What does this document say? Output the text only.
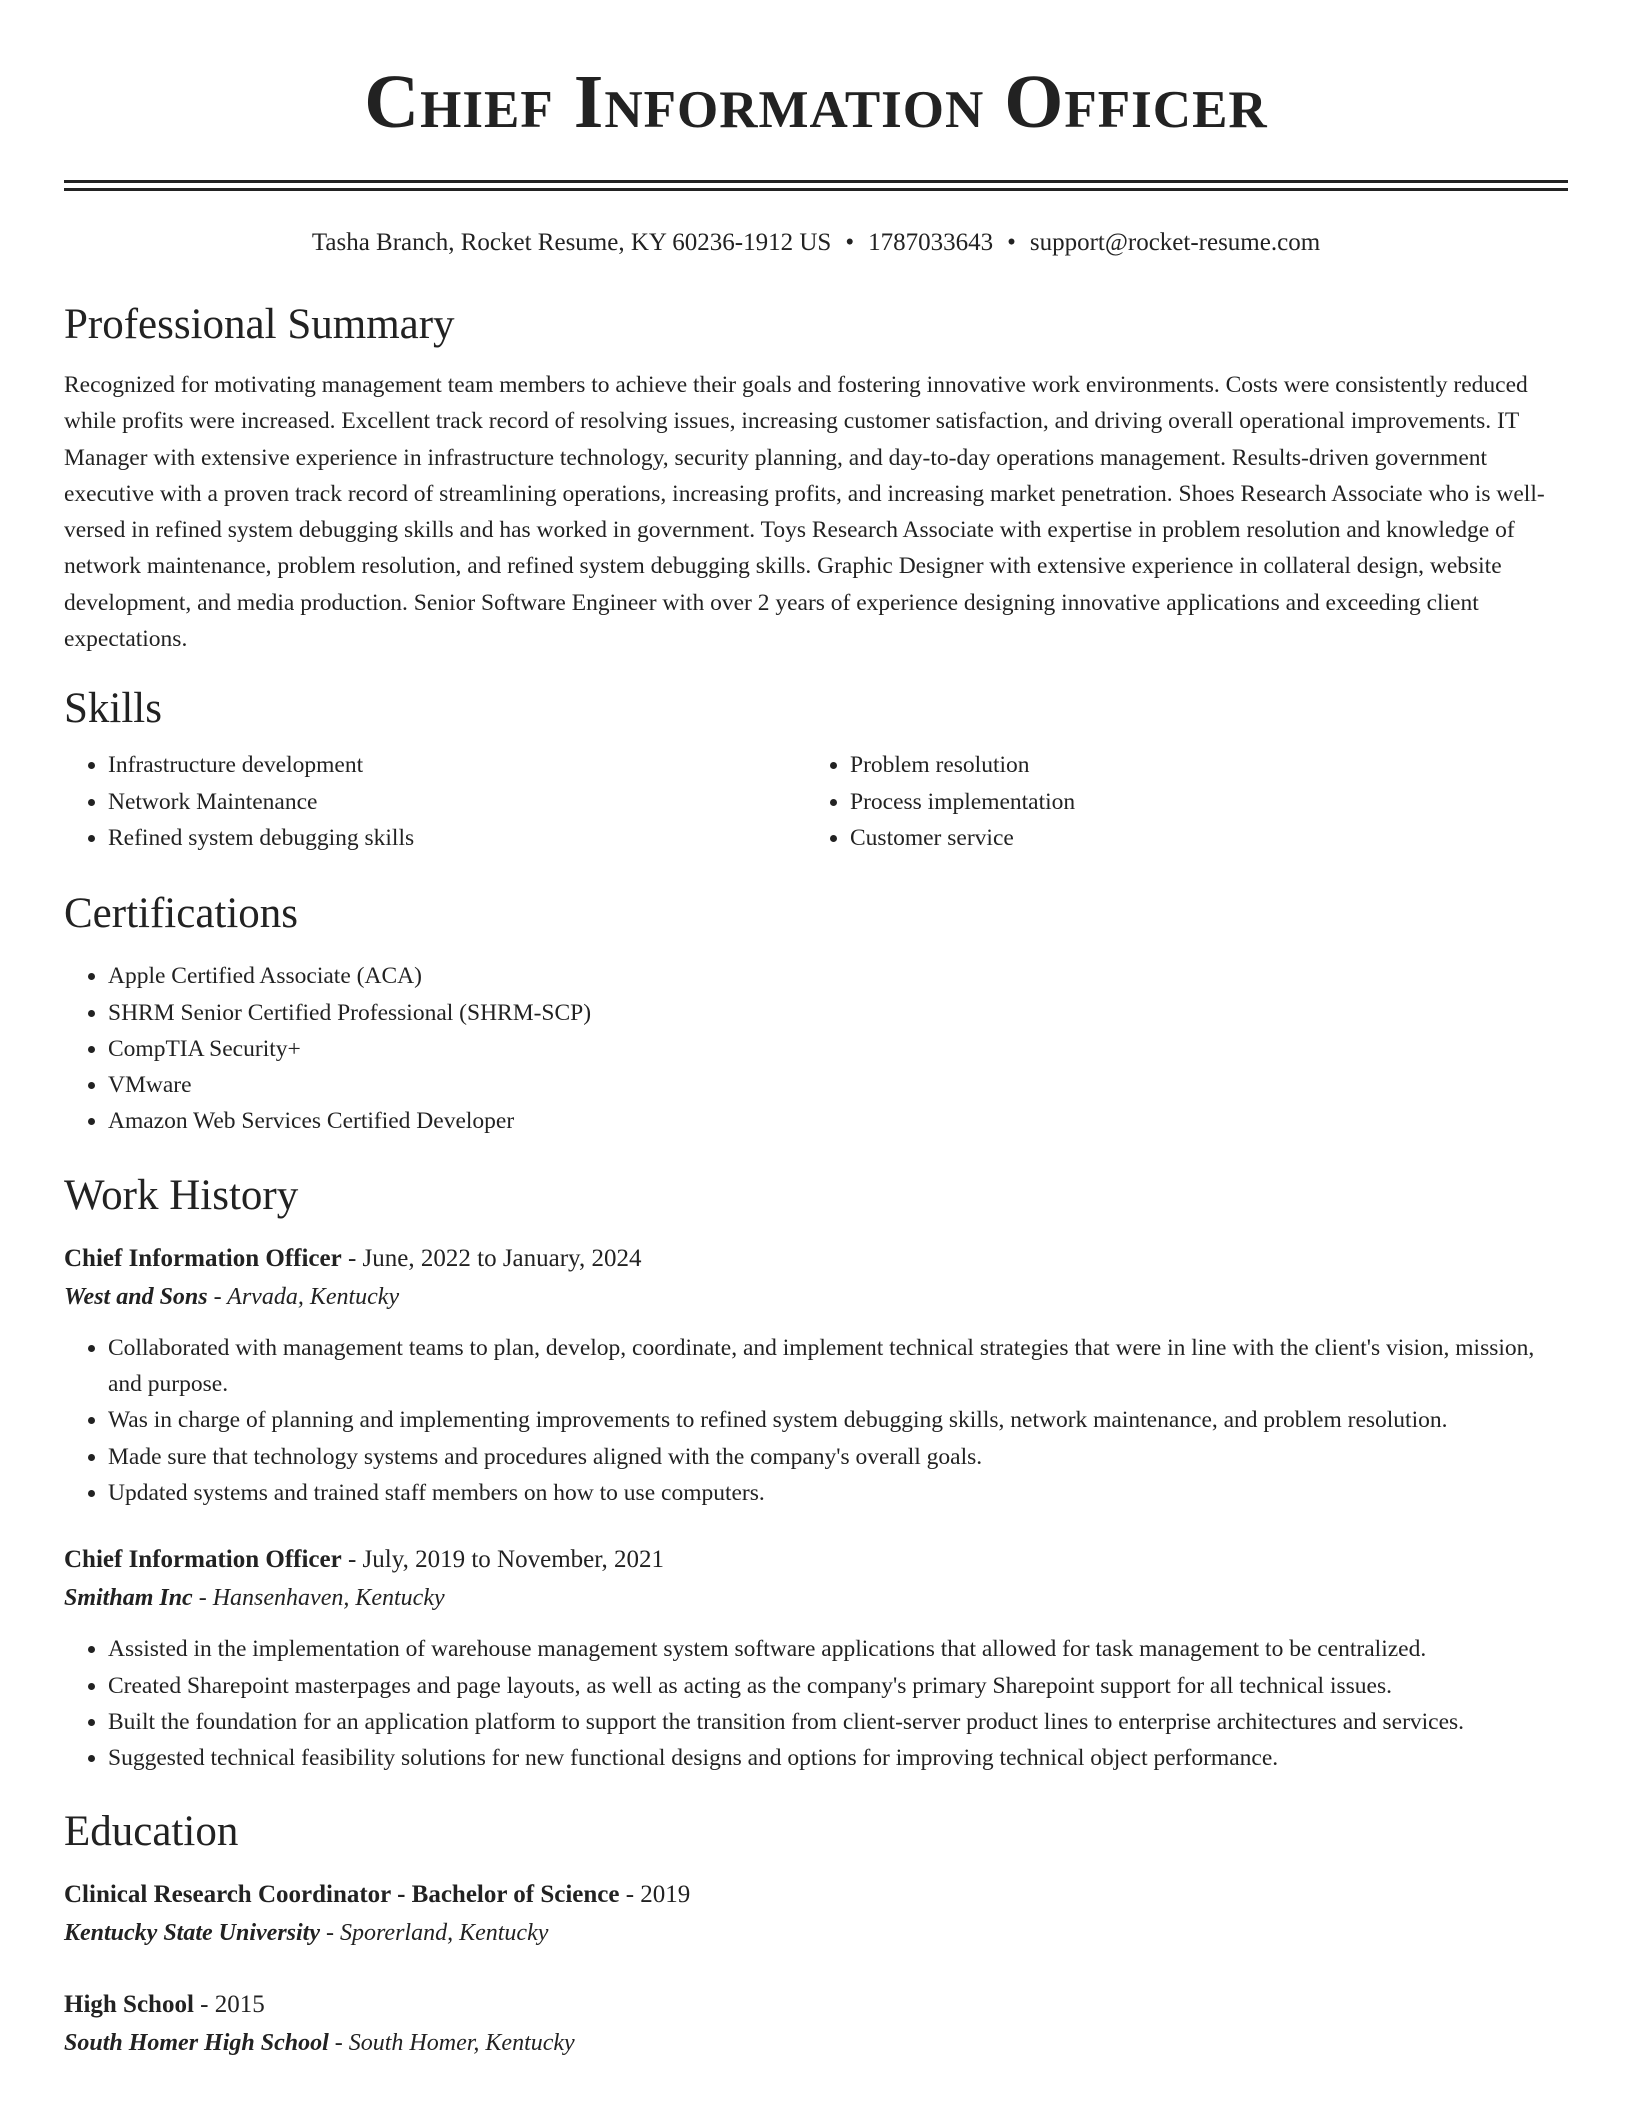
Chief Information Officer
Tasha Branch, Rocket Resume, KY 60236-1912 US • 1787033643 • support@rocket-resume.com
Professional Summary
Recognized for motivating management team members to achieve their goals and fostering innovative work environments. Costs were consistently reduced while profits were increased. Excellent track record of resolving issues, increasing customer satisfaction, and driving overall operational improvements. IT Manager with extensive experience in infrastructure technology, security planning, and day-to-day operations management. Results-driven government executive with a proven track record of streamlining operations, increasing profits, and increasing market penetration. Shoes Research Associate who is well-versed in refined system debugging skills and has worked in government. Toys Research Associate with expertise in problem resolution and knowledge of network maintenance, problem resolution, and refined system debugging skills. Graphic Designer with extensive experience in collateral design, website development, and media production. Senior Software Engineer with over 2 years of experience designing innovative applications and exceeding client expectations.
Skills
• Infrastructure development
• Network Maintenance
• Refined system debugging skills
• Problem resolution
• Process implementation
• Customer service
Certifications
• Apple Certified Associate (ACA)
• SHRM Senior Certified Professional (SHRM-SCP)
• CompTIA Security+
• VMware
• Amazon Web Services Certified Developer
Work History
Chief Information Officer - June, 2022 to January, 2024
West and Sons - Arvada, Kentucky
• Collaborated with management teams to plan, develop, coordinate, and implement technical strategies that were in line with the client's vision, mission, and purpose.
• Was in charge of planning and implementing improvements to refined system debugging skills, network maintenance, and problem resolution.
• Made sure that technology systems and procedures aligned with the company's overall goals.
• Updated systems and trained staff members on how to use computers.
Chief Information Officer - July, 2019 to November, 2021
Smitham Inc - Hansenhaven, Kentucky
• Assisted in the implementation of warehouse management system software applications that allowed for task management to be centralized.
• Created Sharepoint masterpages and page layouts, as well as acting as the company's primary Sharepoint support for all technical issues.
• Built the foundation for an application platform to support the transition from client-server product lines to enterprise architectures and services.
• Suggested technical feasibility solutions for new functional designs and options for improving technical object performance.
Education
Clinical Research Coordinator - Bachelor of Science - 2019
Kentucky State University - Sporerland, Kentucky
High School - 2015
South Homer High School - South Homer, Kentucky
